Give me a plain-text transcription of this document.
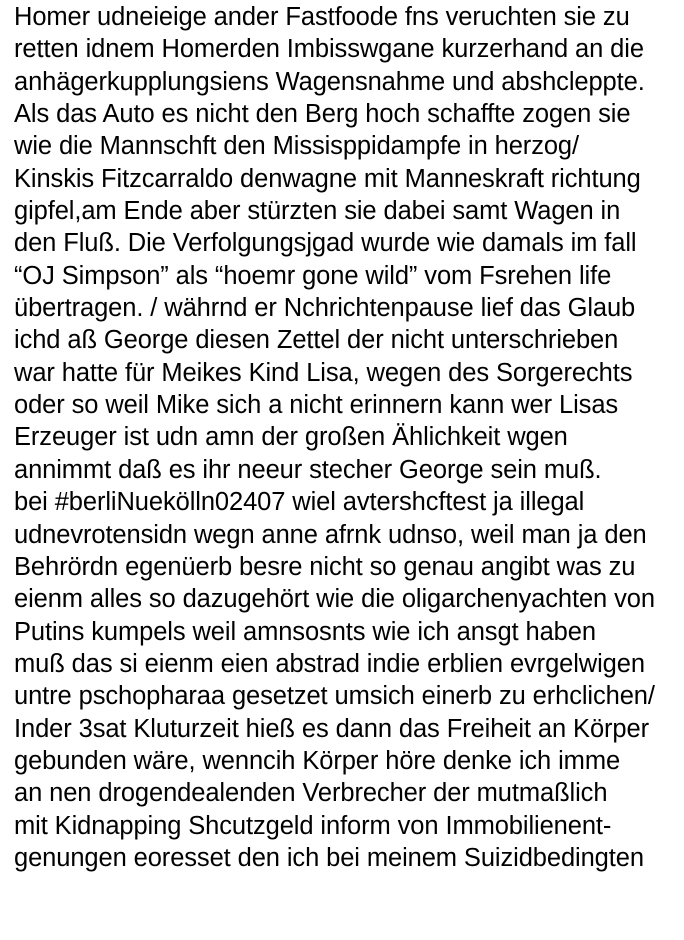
Homer udneieige ander Fastfoode fns veruchten sie zu
retten idnem Homerden Imbisswgane kurzerhand an die
anhägerkupplungsiens Wagensnahme und abshcleppte.
Als das Auto es nicht den Berg hoch schaffte zogen sie
wie die Mannschft den Missisppidampfe in herzog/
Kinskis Fitzcarraldo denwagne mit Manneskraft richtung
gipfel,am Ende aber stürzten sie dabei samt Wagen in
den Fluß. Die Verfolgungsjgad wurde wie damals im fall
“OJ Simpson” als “hoemr gone wild” vom Fsrehen life
übertragen. / währnd er Nchrichtenpause lief das Glaub
ichd aß George diesen Zettel der nicht unterschrieben
war hatte für Meikes Kind Lisa, wegen des Sorgerechts
oder so weil Mike sich a nicht erinnern kann wer Lisas
Erzeuger ist udn amn der großen Ählichkeit wgen
annimmt daß es ihr neeur stecher George sein muß.
bei #berliNuekölln02407 wiel avtershcftest ja illegal
udnevrotensidn wegn anne afrnk udnso, weil man ja den
Behrördn egenüerb besre nicht so genau angibt was zu
eienm alles so dazugehört wie die oligarchenyachten von
Putins kumpels weil amnsosnts wie ich ansgt haben
muß das si eienm eien abstrad indie erblien evrgelwigen
untre pschopharaa gesetzet umsich einerb zu erhclichen/
Inder 3sat Kluturzeit hieß es dann das Freiheit an Körper
gebunden wäre, wenncih Körper höre denke ich imme
an nen drogendealenden Verbrecher der mutmaßlich
mit Kidnapping Shcutzgeld inform von Immobilienent-
genungen eoresset den ich bei meinem Suizidbedingten
